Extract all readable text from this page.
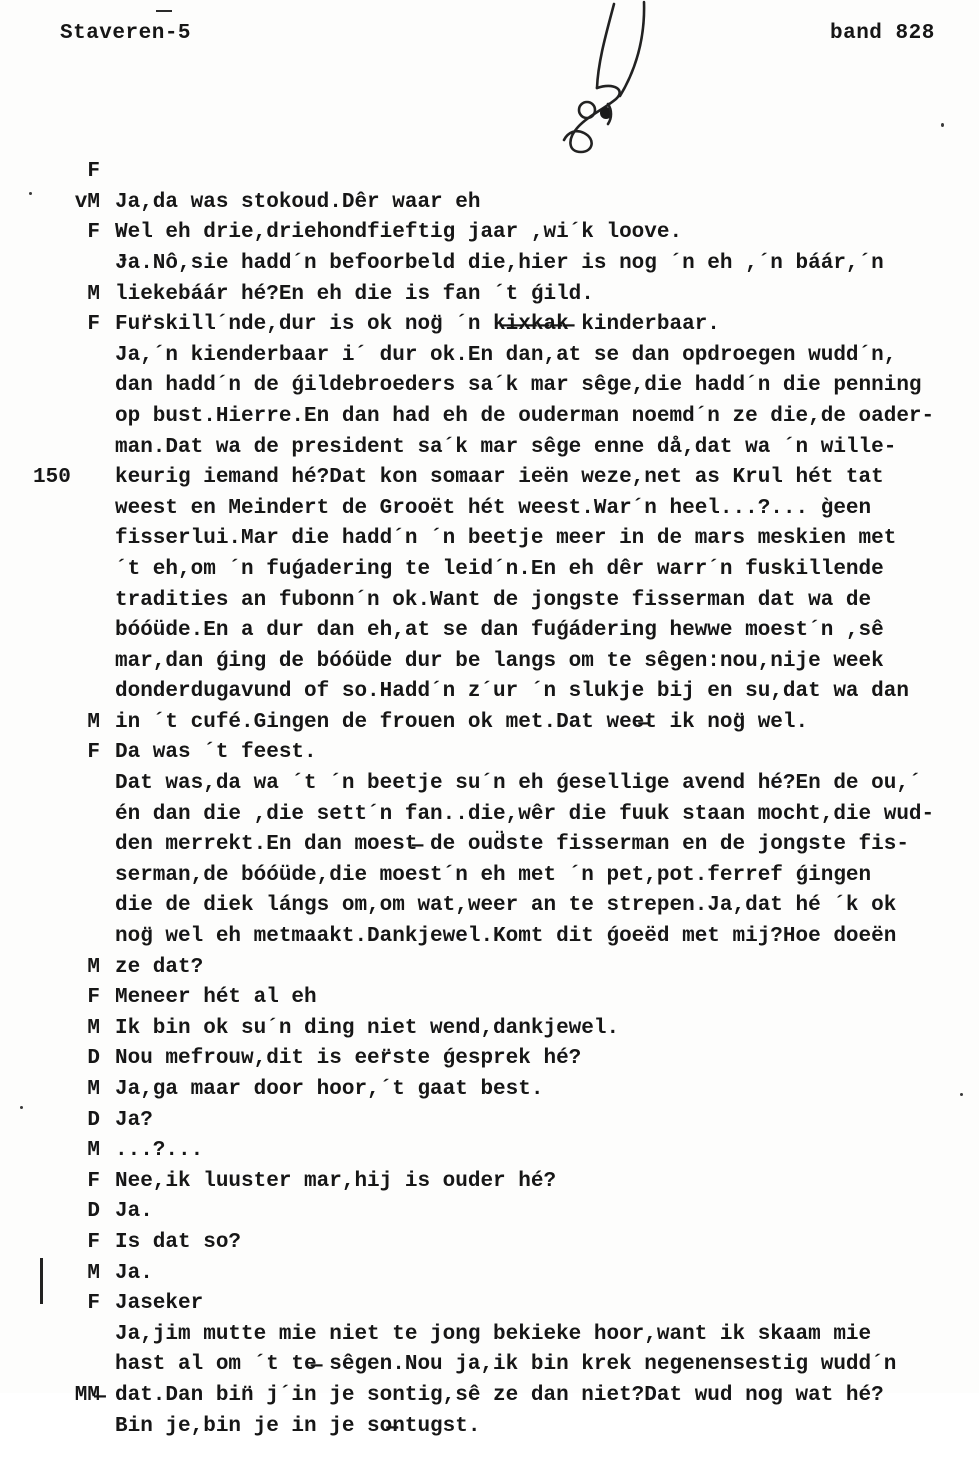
Staveren-5	band 828

F

Ja,da was stokoud.Dêr waar eh

vM

Wel eh drie,driehondfieftig jaar ,wi´k loove.

F

Ɉa.Nô,sie hadd´n befoorbeld die,hier is nog ´n eh ,´n báár,´n

liekebáár hé?En eh die is fan ´t ǵild.

M

Fur̈skill´nde,dur is ok nog̈ ´n k̶i̶x̶k̶a̶k̶ kinderbaar.

F

Ja,´n kienderbaar i´ dur ok.En dan,at se dan opdroegen wudd´n,

dan hadd´n de ǵildebroeders sa´k mar sêge,die hadd´n die penning

op bust.Hierre.En dan had eh de ouderman noemd´n ze die,de oader-

man.Dat wa de president sa´k mar sêge enne då,dat wa ´n wille-

keurig iemand hé?Dat kon somaar ieën weze,net as Krul hét tat

weest en Meindert de Grooët hét weest.War´n heel...?... g̀een

150

fisserlui.Mar die hadd´n ´n beetje meer in de mars meskien met

´t eh,om ´n fuǵadering te leid´n.En eh dêr warr´n fuskillende

tradities an fubonn´n ok.Want de jongste fisserman dat wa de

bóóüde.En a dur dan eh,at se dan fuǵádering hewwe moest´n ,sê

mar,dan ǵing de bóóüde dur be langs om te sêgen:nou,nije week

donderdugavund of so.Hadd´n z´ur ´n slukje bij en su,dat wa dan

in ´t cufé.Gingen de frouen ok met.Dat wee̶t ik nog̈ wel.

M

Da was ´t feest.

F

Dat was,da wa ´t ´n beetje su´n eh ǵesellige avend hé?En de ou,´

én dan die ,die sett´n fan..die,wêr die fuuk staan mocht,die wud-

den merrekt.En dan moest̶ de oud̈ste fisserman en de jongste fis-

serman,de bóóüde,die moest´n eh met ´n pet,pot.ferref ǵingen

die de diek lángs om,om wat,weer an te strepen.Ja,dat hé ´k ok

nog̈ wel eh metmaakt.Dankjewel.Komt dit ǵoeëd met mij?Hoe doeën

ze dat?

M

Meneer hét al eh

F

Ik bin ok su´n ding niet wend,dankjewel.

M

Nou mefrouw,dit is eer̈ste ǵesprek hé?

D

Ja,ga maar door hoor,´t gaat best.

M

Ja?

D

...?...

M

Nee,ik luuster mar,hij is ouder hé?

F

Ja.

D

Is dat so?

F

Ja.

M

Jaseker

F

Ja,jim mutte mie niet te jong bekieke hoor,want ik skaam mie

hast al om ´t te̶ sêgen.Nou ja,ik bin krek negenensestig wudd´n

dat.Dan bin̈ j´in je sontig,sê ze dan niet?Dat wud nog wat hé?

MM̶

Bin je,bin je in je so̶ntugst.
